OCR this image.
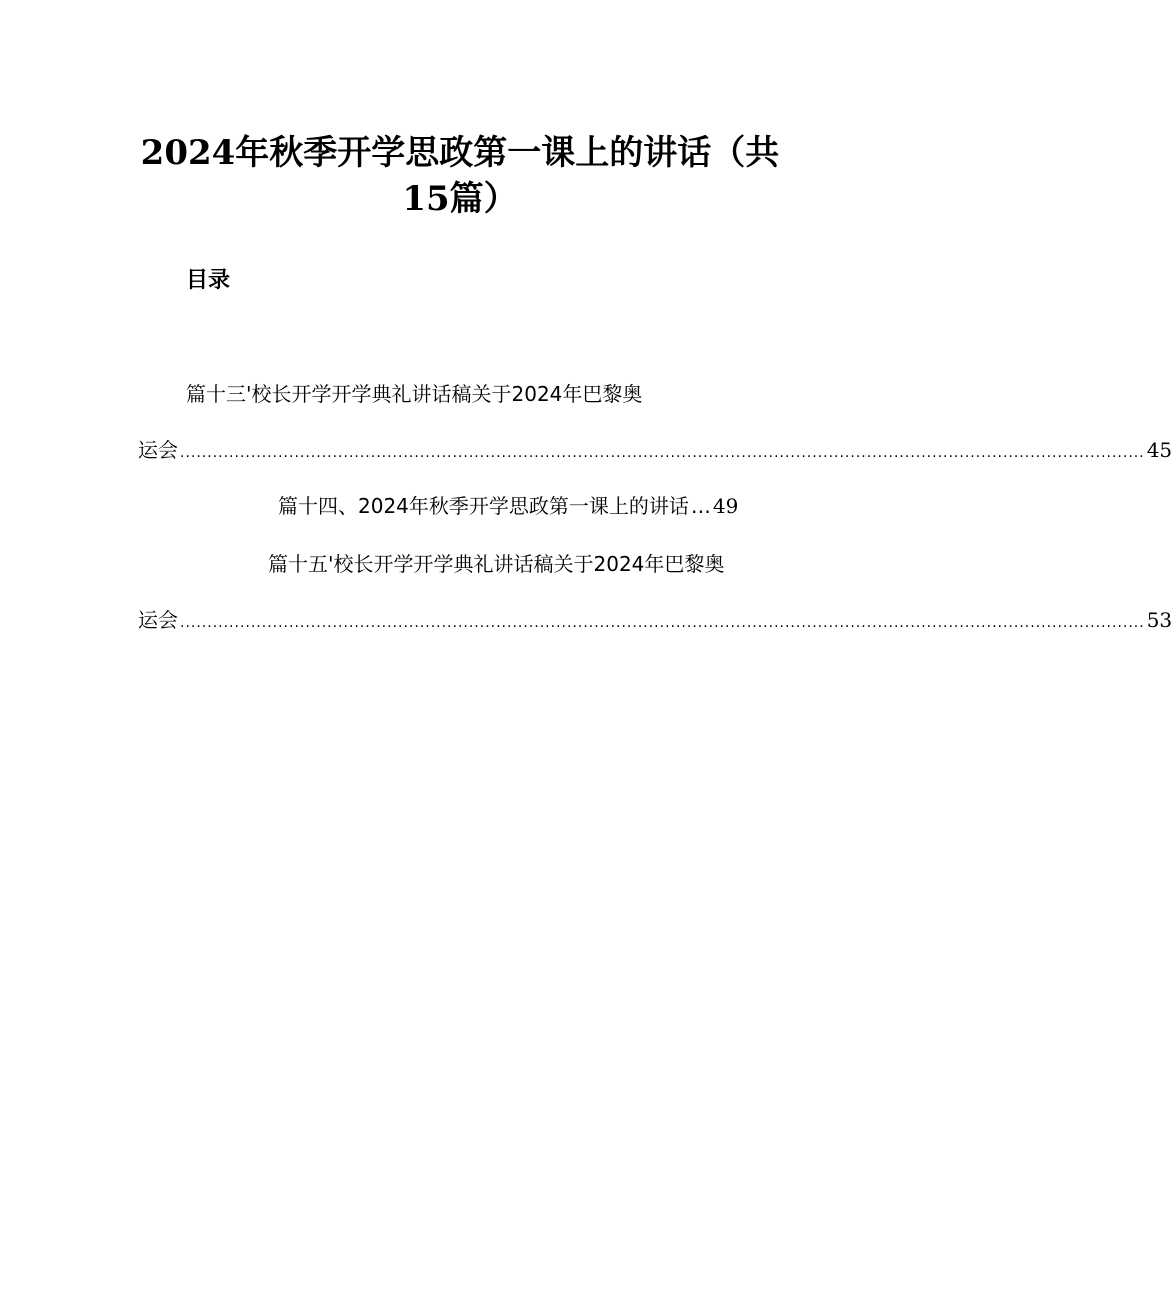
2024年秋季开学思政第一课上的讲话（共
15篇）
目录
篇十三'校长开学开学典礼讲话稿关于2024年巴黎奥
运会 ................................................................................................................................................................................. 45
篇十四、2024年秋季开学思政第一课上的讲话 … 49
篇十五'校长开学开学典礼讲话稿关于2024年巴黎奥
运会 ................................................................................................................................................................................. 53
